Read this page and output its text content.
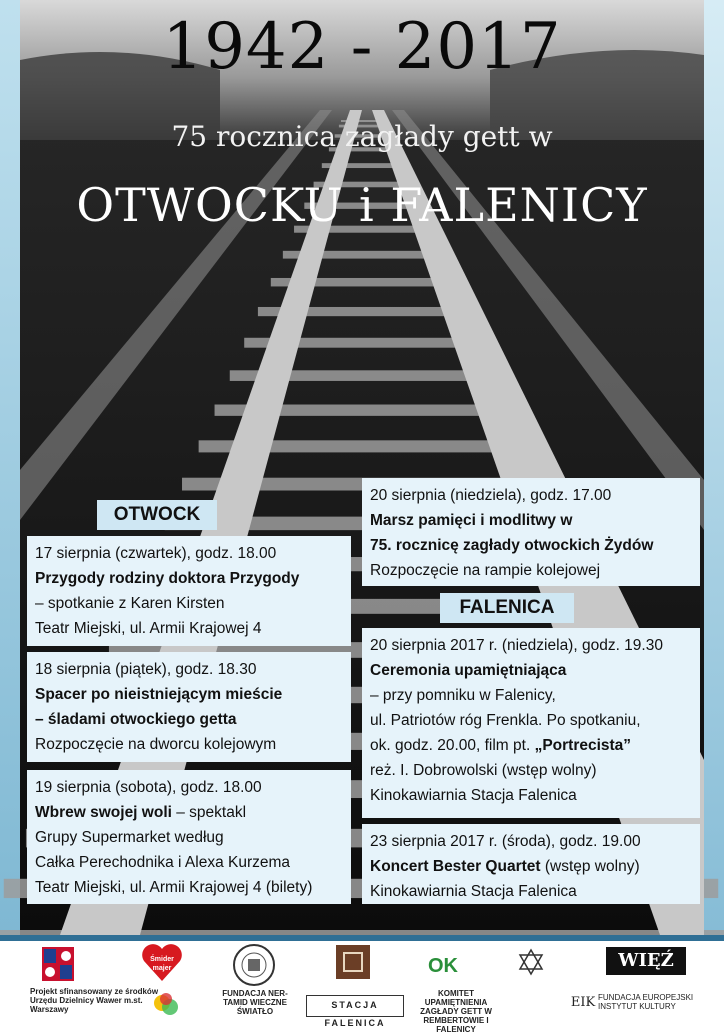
1942 - 2017
75 rocznica zagłady gett w
OTWOCKU i FALENICY
OTWOCK
17 sierpnia (czwartek), godz. 18.00
Przygody rodziny doktora Przygody
– spotkanie z Karen Kirsten
Teatr Miejski, ul. Armii Krajowej 4
18 sierpnia (piątek), godz. 18.30
Spacer po nieistniejącym mieście
– śladami otwockiego getta
Rozpoczęcie na dworcu kolejowym
19 sierpnia (sobota), godz. 18.00
Wbrew swojej woli – spektakl
Grupy Supermarket według
Całka Perechodnika i Alexa Kurzema
Teatr Miejski, ul. Armii Krajowej 4 (bilety)
20 sierpnia (niedziela), godz. 17.00
Marsz pamięci i modlitwy w
75. rocznicę zagłady otwockich Żydów
Rozpoczęcie na rampie kolejowej
FALENICA
20 sierpnia 2017 r. (niedziela), godz. 19.30
Ceremonia upamiętniająca
– przy pomniku w Falenicy,
ul. Patriotów róg Frenkla. Po spotkaniu,
ok. godz. 20.00, film pt. „Portrecista”
reż. I. Dobrowolski (wstęp wolny)
Kinokawiarnia Stacja Falenica
23 sierpnia 2017 r. (środa), godz. 19.00
Koncert Bester Quartet (wstęp wolny)
Kinokawiarnia Stacja Falenica
Projekt sfinansowany ze środków Urzędu Dzielnicy Wawer m.st. Warszawy
Śmider majer
FUNDACJA NER-TAMID WIECZNE ŚWIATŁO
STACJA FALENICA
OK
KOMITET UPAMIĘTNIENIA ZAGŁADY GETT W REMBERTOWIE I FALENICY
WIĘŹ
EIK FUNDACJA EUROPEJSKI INSTYTUT KULTURY
